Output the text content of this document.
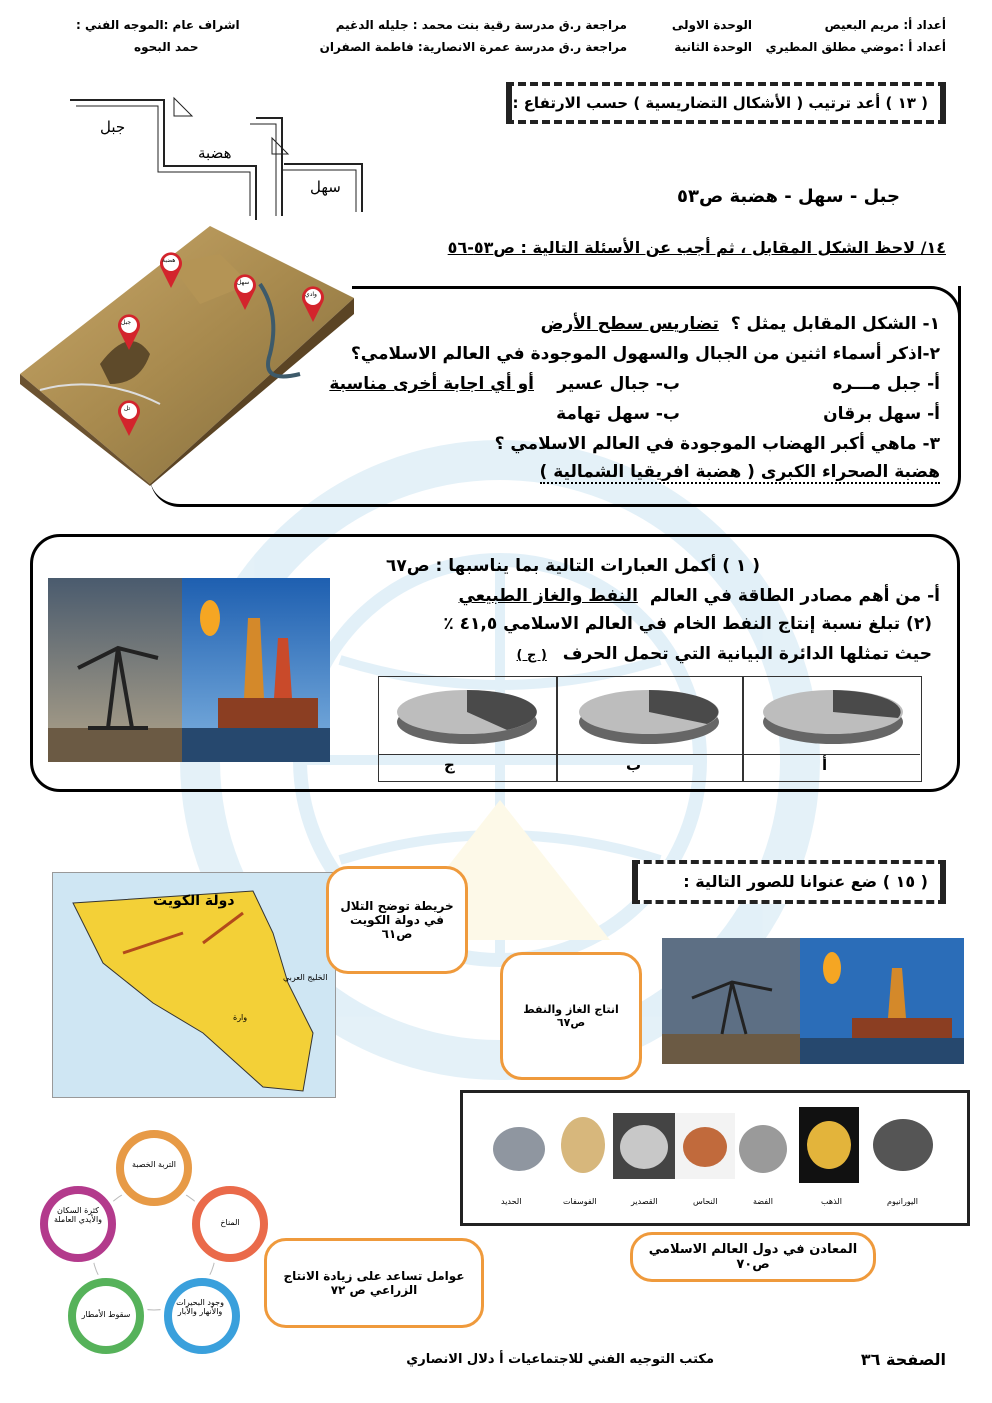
أعداد أ: مريم البعيص
أعداد أ :موضي مطلق المطيري
الوحدة الاولى
الوحدة الثانية
مراجعة ر.ق مدرسة رقية بنت محمد : جليله الدغيم
مراجعة ر.ق مدرسة عمرة الانصارية: فاطمة الصفران
اشراف عام :الموجه الفني :
حمد البحوه
( ١٣ ) أعد ترتيب ( الأشكال التضاريسية ) حسب الارتفاع :
جبل
هضبة
سهل	جبل - سهل - هضبة ص٥٣
١٤/ لاحظ الشكل المقابل ، ثم أجب عن الأسئلة التالية : ص٥٣-٥٦
هضبة
سهل
وادي
جبل
تل
١- الشكل المقابل يمثل ؟ تضاريس سطح الأرض
٢-اذكر أسماء اثنين من الجبال والسهول الموجودة في العالم الاسلامي؟
أ- جبل مـــره
ب- جبال عسير
أو أي اجابة أخرى مناسبة
أ- سهل برقان
ب- سهل تهامة
٣- ماهي أكبر الهضاب الموجودة في العالم الاسلامي ؟
هضبة الصحراء الكبرى ( هضبة افريقيا الشمالية )
( ١ ) أكمل العبارات التالية بما يناسبها : ص٦٧
أ- من أهم مصادر الطاقة في العالم النفط والغاز الطبيعي
(٢) تبلغ نسبة إنتاج النفط الخام في العالم الاسلامي ٤١,٥ ٪
حيث تمثلها الدائرة البيانية التي تحمل الحرف ( ج )
أ
ب
ج
( ١٥ ) ضع عنوانا للصور التالية :
دولة الكويت
الخليج العربي
وارة
خريطة توضح التلال في دولة الكويت ص٦١
انتاج الغاز والنفط ص٦٧
اليورانيوم
الذهب
الفضة
النحاس
القصدير
الفوسفات
الحديد
المعادن في دول العالم الاسلامي ص٧٠
التربة الخصبة
المناخ
وجود البحيرات والأنهار والآبار
سقوط الأمطار
كثرة السكان والأيدي العاملة
عوامل تساعد على زيادة الانتاج الزراعي ص ٧٢
الصفحة ٣٦
مكتب التوجيه الفني للاجتماعيات أ دلال الانصاري
